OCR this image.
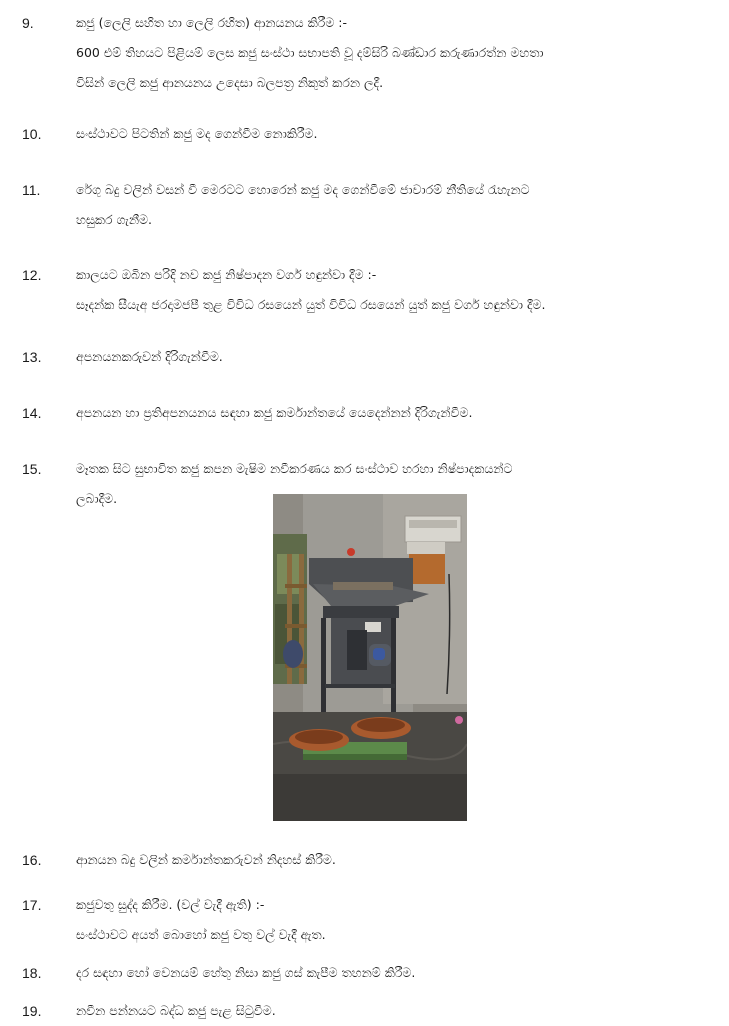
9.	කජු (ලෙලි සහිත හා ලෙලි රහිත) ආනයනය කිරීම :-
600 එම් තිහයට පිළියම් ලෙස කජු සංස්ථා සභාපති වූ දම්සිරි බණ්ඩාර කරුණාරත්න මහතා
විසින් ලෙලි කජු ආනයනය උදෙසා බලපත්‍ර නිකුත් කරන ලදී.
10.	සංස්ථාවට පිටතින් කජු මද ගෙන්වීම නොකිරීම.
11.	රේගු බදු වලින් වසන් වී මෙරටට හොරෙන් කජු මද ගෙන්වීමේ ජාවාරම් නීතියේ රැහැනට
හසුකර ගැනීම.
12.	කාලයට ඔබින පරිදි නව කජු නිෂ්පාදන වර්ග හඳුන්වා දීම :-
සෑදන්ක සීයැඅ ජරදාමජපී තුළ විවිධ රසයෙන් යුත් විවිධ රසයෙන් යුත් කජු වර්ග හඳුන්වා දීම.
13.	අපනයනකරුවන් දිරිගැන්වීම.
14.	අපනයන හා ප්‍රතිඅපනයනය සඳහා කජු කර්මාන්තයේ යෙදෙන්නන් දිරිගැන්වීම.
15.	මෑතක සිට සුභාවිත කජු කපන මැෂිම නවීකරණය කර සංස්ථාව හරහා නිෂ්පාදකයන්ට
ලබාදීම.
16.	ආනයන බදු වලින් කර්මාන්තකරුවන් නිදහස් කිරීම.
17.	කජුවතු සුද්ද කිරීම. (වල් වැදී ඇති) :-
සංස්ථාවට අයත් බොහෝ කජු වතු වල් වැදී ඇත.
18.	දර සඳහා හෝ වෙනයම් හේතු නිසා කජු ගස් කැපීම තහනම් කිරීම.
19.	නවීන පන්නයට බද්ධ කජු පැළ සිටුවීම.
